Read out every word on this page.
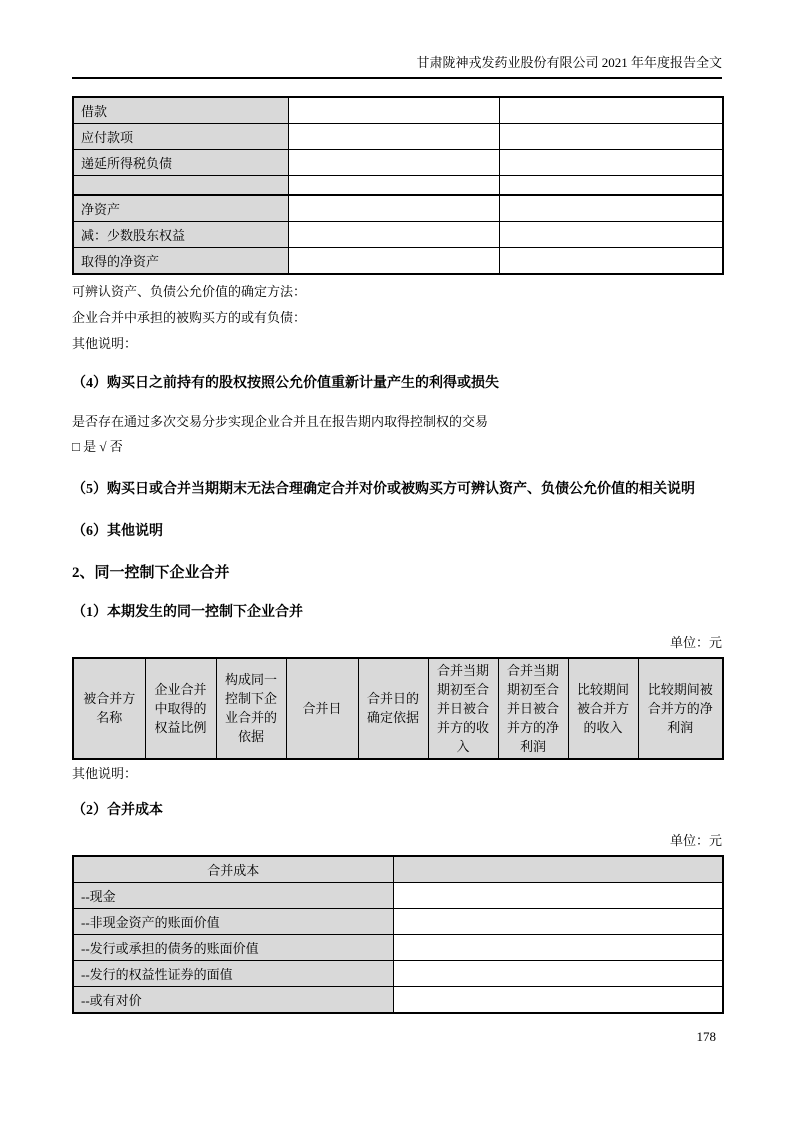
甘肃陇神戎发药业股份有限公司 2021 年年度报告全文
借款		
应付款项		
递延所得税负债		

净资产		
减：少数股东权益		
取得的净资产		

可辨认资产、负债公允价值的确定方法：

企业合并中承担的被购买方的或有负债：

其他说明：

（4）购买日之前持有的股权按照公允价值重新计量产生的利得或损失

是否存在通过多次交易分步实现企业合并且在报告期内取得控制权的交易

□ 是 √ 否

（5）购买日或合并当期期末无法合理确定合并对价或被购买方可辨认资产、负债公允价值的相关说明
（6）其他说明
2、同一控制下企业合并
（1）本期发生的同一控制下企业合并
单位：元
被合并方名称	企业合并中取得的权益比例	构成同一控制下企业合并的依据	合并日	合并日的确定依据	合并当期期初至合并日被合并方的收入	合并当期期初至合并日被合并方的净利润	比较期间被合并方的收入	比较期间被合并方的净利润

其他说明：

（2）合并成本
单位：元
合并成本	
--现金	
--非现金资产的账面价值	
--发行或承担的债务的账面价值	
--发行的权益性证券的面值	
--或有对价	
178
